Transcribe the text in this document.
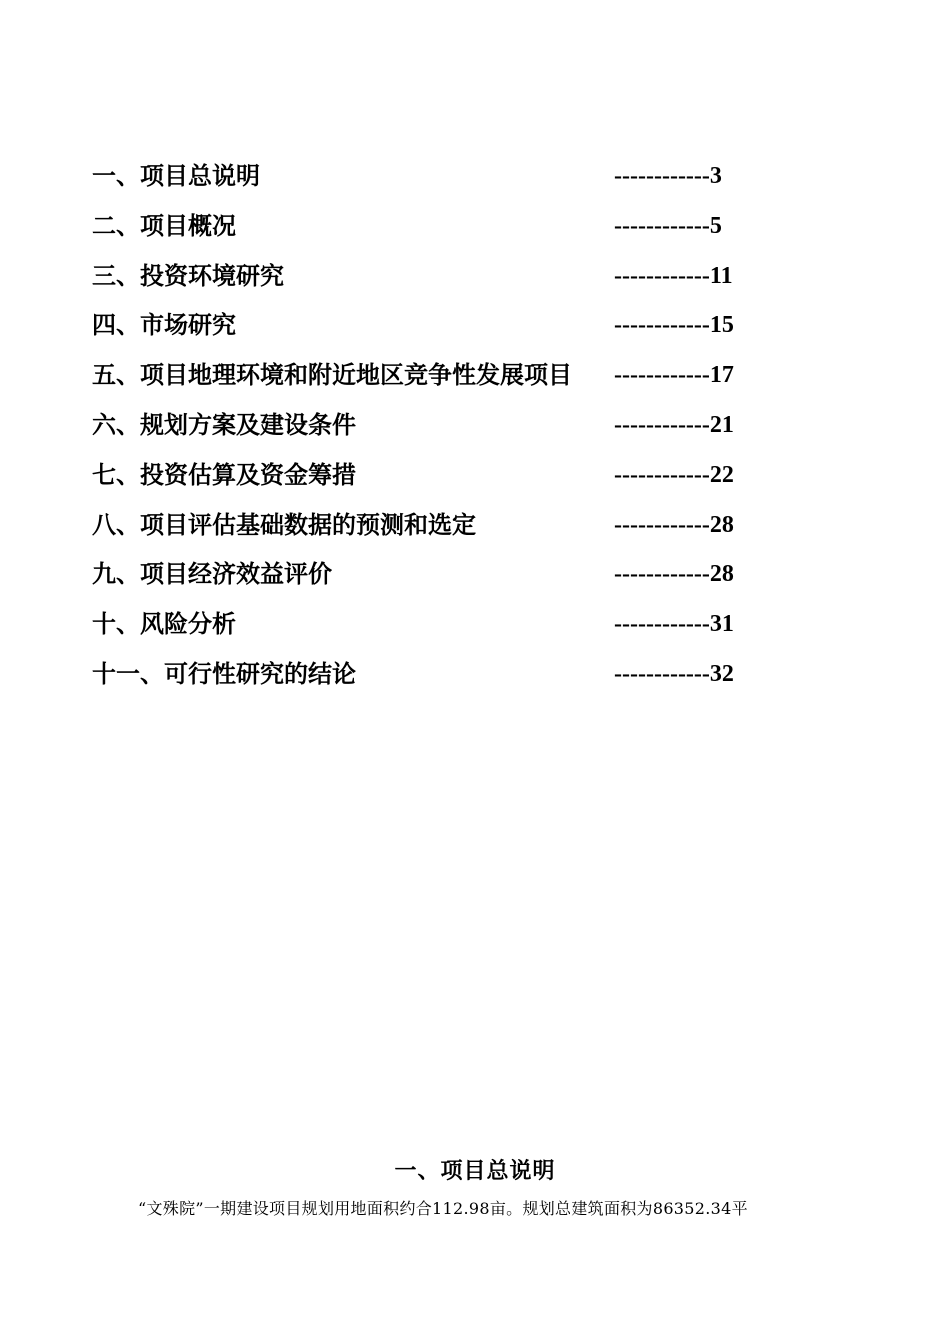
一、项目总说明	------------3
二、项目概况	------------5
三、投资环境研究	------------11
四、市场研究	------------15
五、项目地理环境和附近地区竞争性发展项目 ------------17
六、规划方案及建设条件	------------21
七、投资估算及资金筹措	------------22
八、项目评估基础数据的预测和选定	------------28
九、项目经济效益评价	------------28
十、风险分析	------------31
十一、可行性研究的结论	------------32
一、项目总说明
“文殊院”一期建设项目规划用地面积约合112.98亩。规划总建筑面积为86352.34平
